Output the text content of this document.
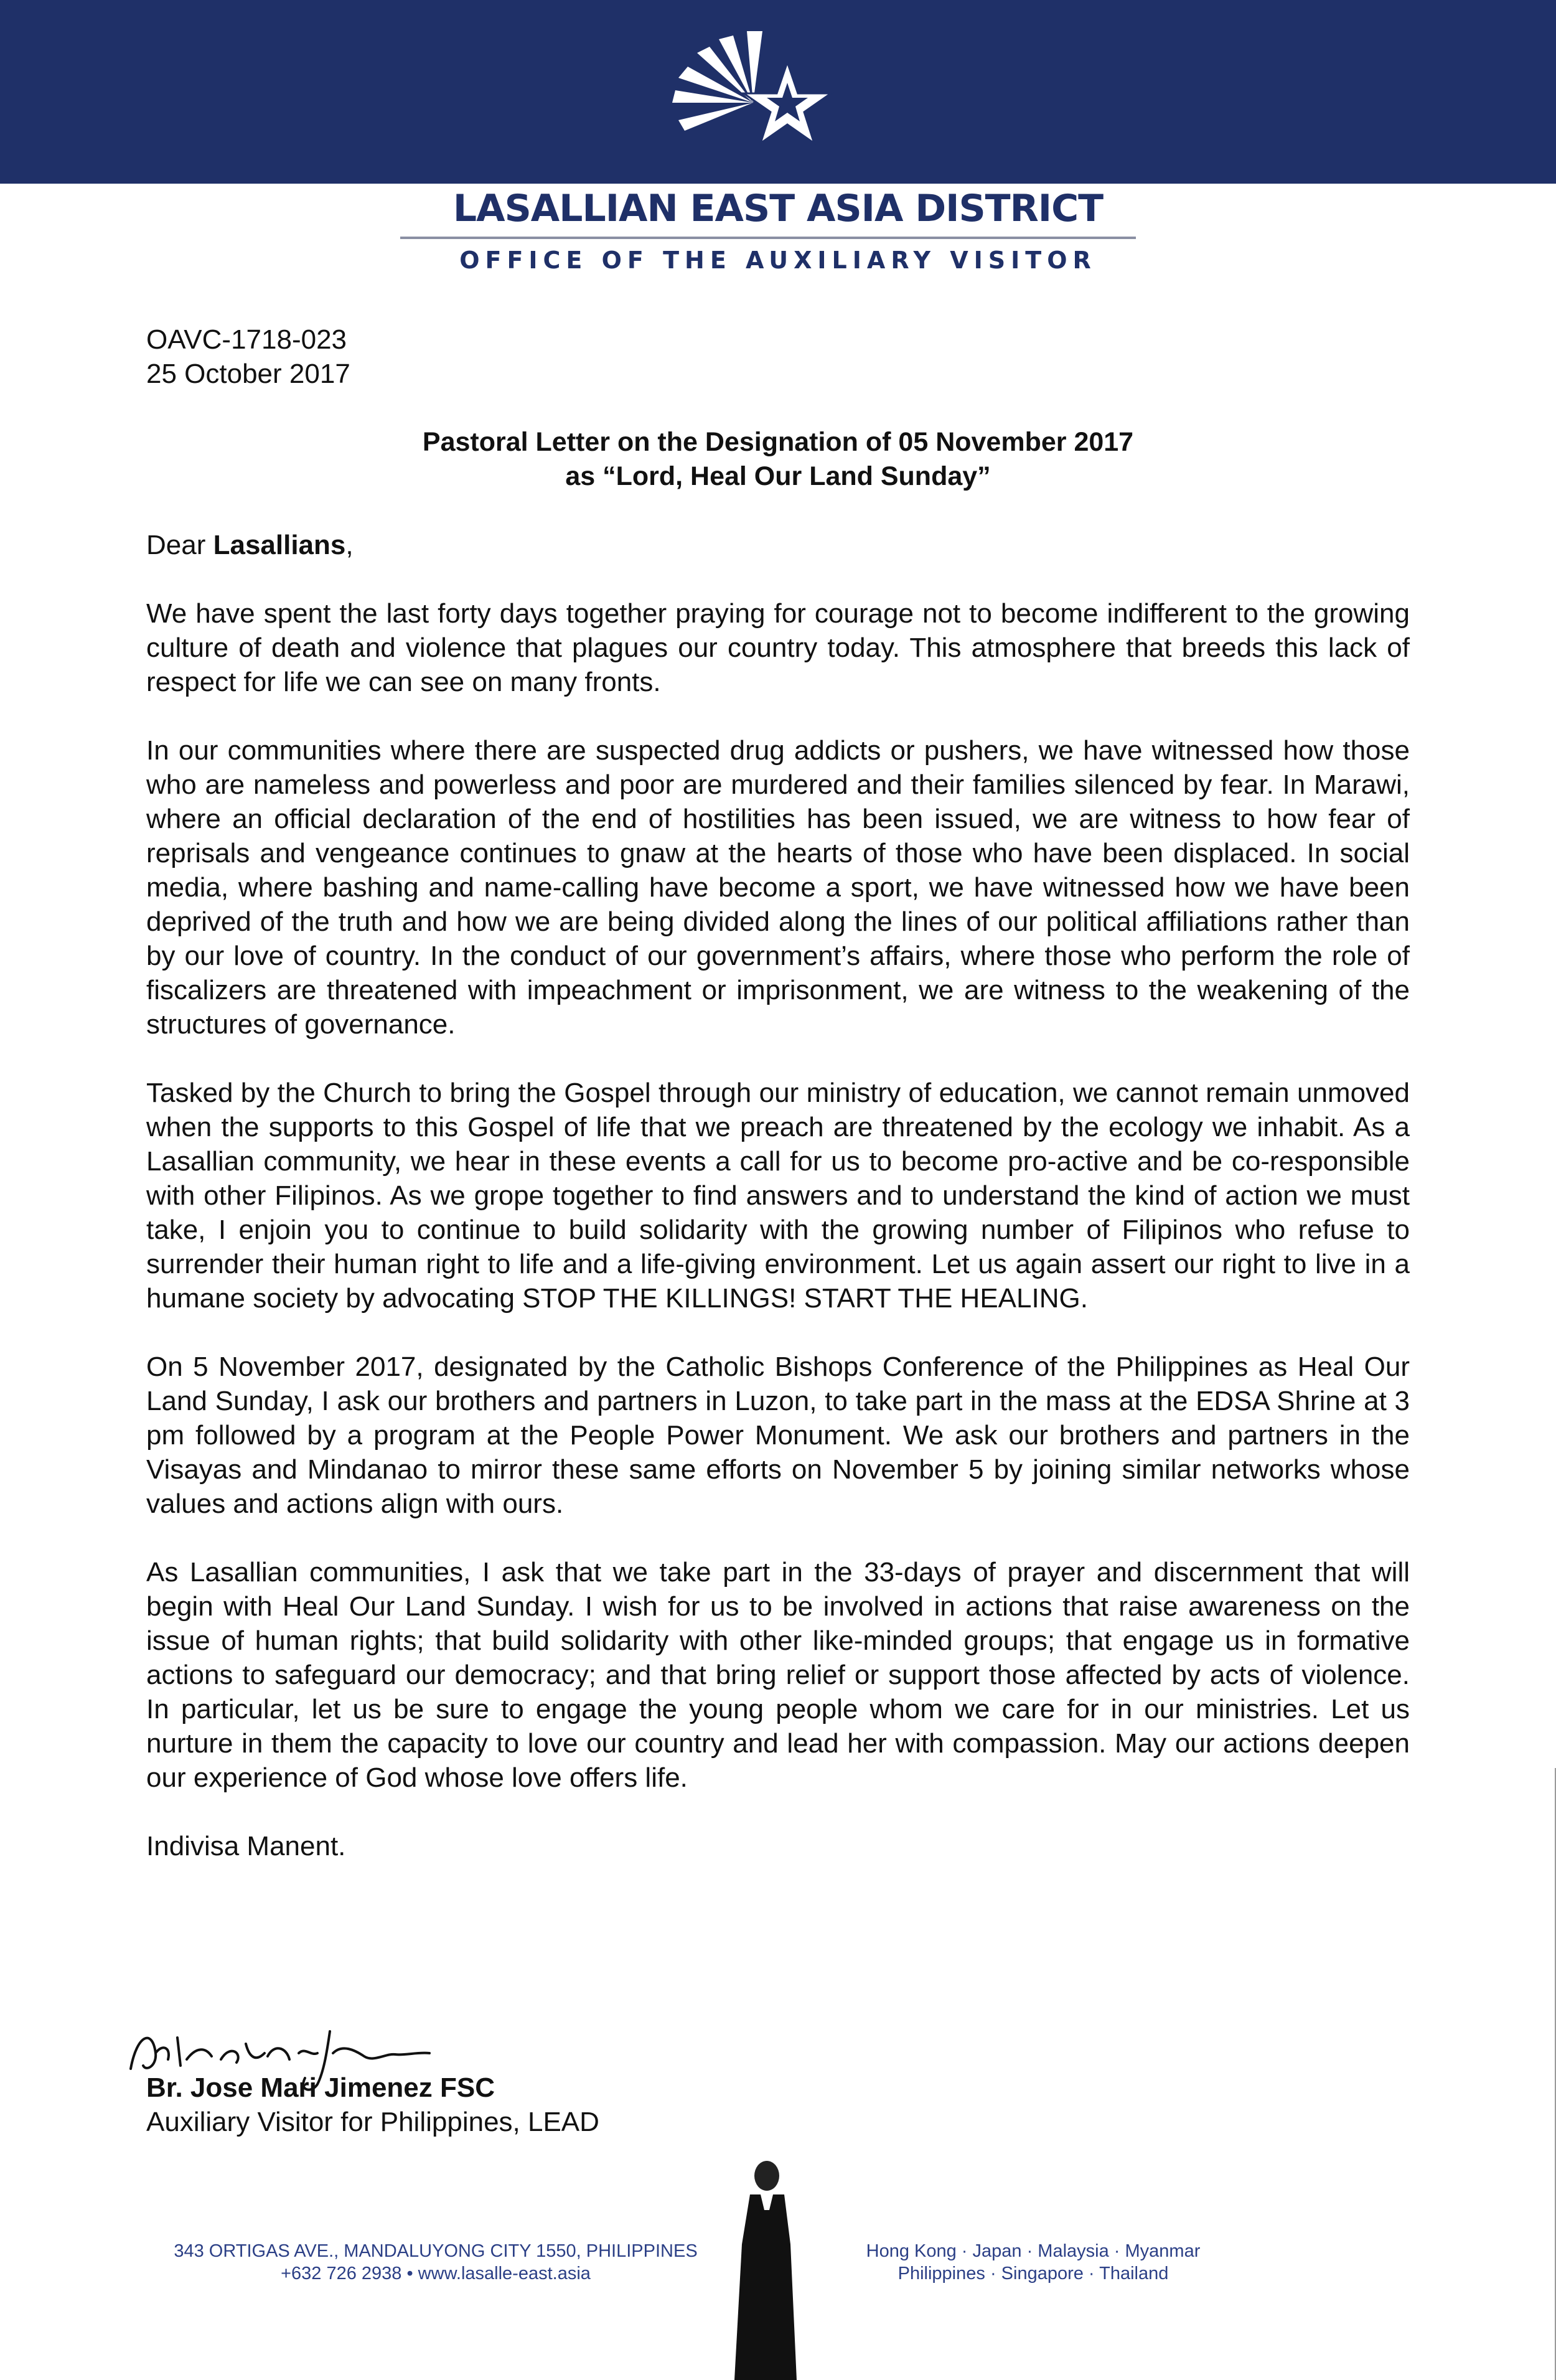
LASALLIAN EAST ASIA DISTRICT
OFFICE OF THE AUXILIARY VISITOR

OAVC-1718-023

25 October 2017

Pastoral Letter on the Designation of 05 November 2017
as “Lord, Heal Our Land Sunday”

Dear Lasallians,

We have spent the last forty days together praying for courage not to become indifferent to the growing culture of death and violence that plagues our country today. This atmosphere that breeds this lack of respect for life we can see on many fronts.

In our communities where there are suspected drug addicts or pushers, we have witnessed how those who are nameless and powerless and poor are murdered and their families silenced by fear. In Marawi, where an official declaration of the end of hostilities has been issued, we are witness to how fear of reprisals and vengeance continues to gnaw at the hearts of those who have been displaced. In social media, where bashing and name-calling have become a sport, we have witnessed how we have been deprived of the truth and how we are being divided along the lines of our political affiliations rather than by our love of country. In the conduct of our government’s affairs, where those who perform the role of fiscalizers are threatened with impeachment or imprisonment, we are witness to the weakening of the structures of governance.

Tasked by the Church to bring the Gospel through our ministry of education, we cannot remain unmoved when the supports to this Gospel of life that we preach are threatened by the ecology we inhabit. As a Lasallian community, we hear in these events a call for us to become pro-active and be co-responsible with other Filipinos. As we grope together to find answers and to understand the kind of action we must take, I enjoin you to continue to build solidarity with the growing number of Filipinos who refuse to surrender their human right to life and a life-giving environment. Let us again assert our right to live in a humane society by advocating STOP THE KILLINGS! START THE HEALING.

On 5 November 2017, designated by the Catholic Bishops Conference of the Philippines as Heal Our Land Sunday, I ask our brothers and partners in Luzon, to take part in the mass at the EDSA Shrine at 3 pm followed by a program at the People Power Monument. We ask our brothers and partners in the Visayas and Mindanao to mirror these same efforts on November 5 by joining similar networks whose values and actions align with ours.

As Lasallian communities, I ask that we take part in the 33-days of prayer and discernment that will begin with Heal Our Land Sunday. I wish for us to be involved in actions that raise awareness on the issue of human rights; that build solidarity with other like-minded groups; that engage us in formative actions to safeguard our democracy; and that bring relief or support those affected by acts of violence. In particular, let us be sure to engage the young people whom we care for in our ministries. Let us nurture in them the capacity to love our country and lead her with compassion. May our actions deepen our experience of God whose love offers life.

Indivisa Manent.

Br. Jose Mari Jimenez FSC
Auxiliary Visitor for Philippines, LEAD
343 ORTIGAS AVE., MANDALUYONG CITY 1550, PHILIPPINES
+632 726 2938 • www.lasalle-east.asia
Hong Kong · Japan · Malaysia · Myanmar
Philippines · Singapore · Thailand
